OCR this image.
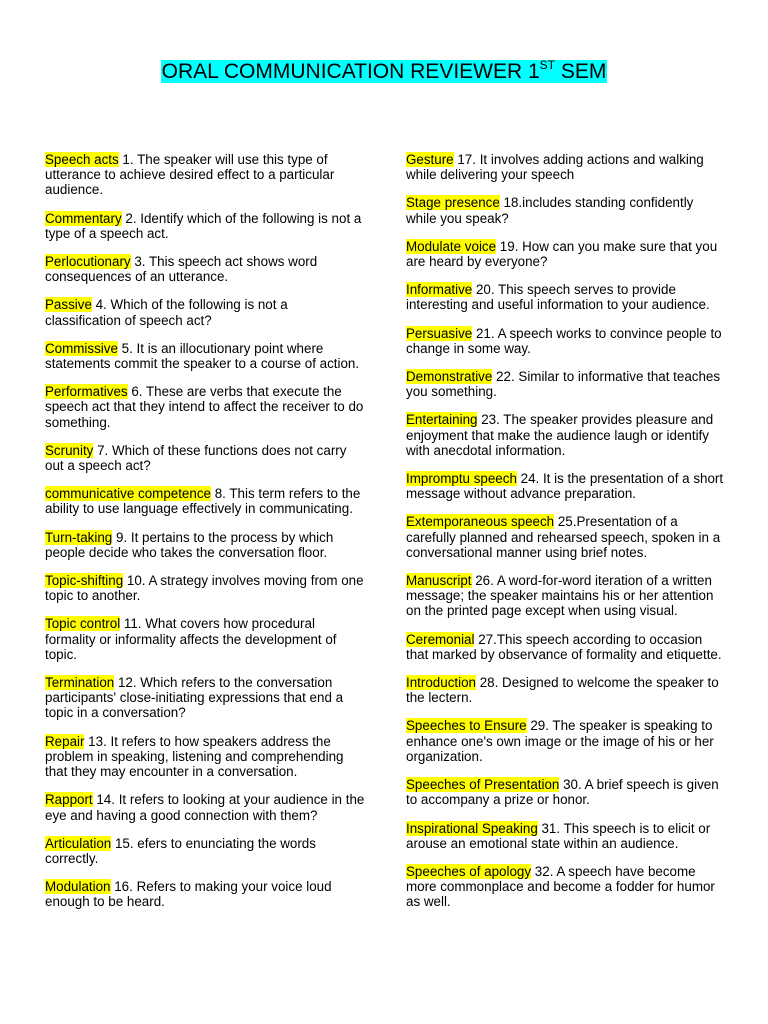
ORAL COMMUNICATION REVIEWER 1ST SEM
Speech acts 1. The speaker will use this type of utterance to achieve desired effect to a particular audience.
Commentary 2. Identify which of the following is not a type of a speech act.
Perlocutionary 3. This speech act shows word consequences of an utterance.
Passive 4. Which of the following is not a classification of speech act?
Commissive 5. It is an illocutionary point where statements commit the speaker to a course of action.
Performatives 6. These are verbs that execute the speech act that they intend to affect the receiver to do something.
Scrunity 7. Which of these functions does not carry out a speech act?
communicative competence 8. This term refers to the ability to use language effectively in communicating.
Turn-taking 9. It pertains to the process by which people decide who takes the conversation floor.
Topic-shifting 10. A strategy involves moving from one topic to another.
Topic control 11. What covers how procedural formality or informality affects the development of topic.
Termination 12. Which refers to the conversation participants' close-initiating expressions that end a topic in a conversation?
Repair 13. It refers to how speakers address the problem in speaking, listening and comprehending that they may encounter in a conversation.
Rapport 14. It refers to looking at your audience in the eye and having a good connection with them?
Articulation 15. efers to enunciating the words correctly.
Modulation 16. Refers to making your voice loud enough to be heard.
Gesture 17. It involves adding actions and walking while delivering your speech
Stage presence 18.includes standing confidently while you speak?
Modulate voice 19. How can you make sure that you are heard by everyone?
Informative 20. This speech serves to provide interesting and useful information to your audience.
Persuasive 21. A speech works to convince people to change in some way.
Demonstrative 22. Similar to informative that teaches you something.
Entertaining 23. The speaker provides pleasure and enjoyment that make the audience laugh or identify with anecdotal information.
Impromptu speech 24. It is the presentation of a short message without advance preparation.
Extemporaneous speech 25.Presentation of a carefully planned and rehearsed speech, spoken in a conversational manner using brief notes.
Manuscript 26. A word-for-word iteration of a written message; the speaker maintains his or her attention on the printed page except when using visual.
Ceremonial 27.This speech according to occasion that marked by observance of formality and etiquette.
Introduction 28. Designed to welcome the speaker to the lectern.
Speeches to Ensure 29. The speaker is speaking to enhance one's own image or the image of his or her organization.
Speeches of Presentation 30. A brief speech is given to accompany a prize or honor.
Inspirational Speaking 31. This speech is to elicit or arouse an emotional state within an audience.
Speeches of apology 32. A speech have become more commonplace and become a fodder for humor as well.
